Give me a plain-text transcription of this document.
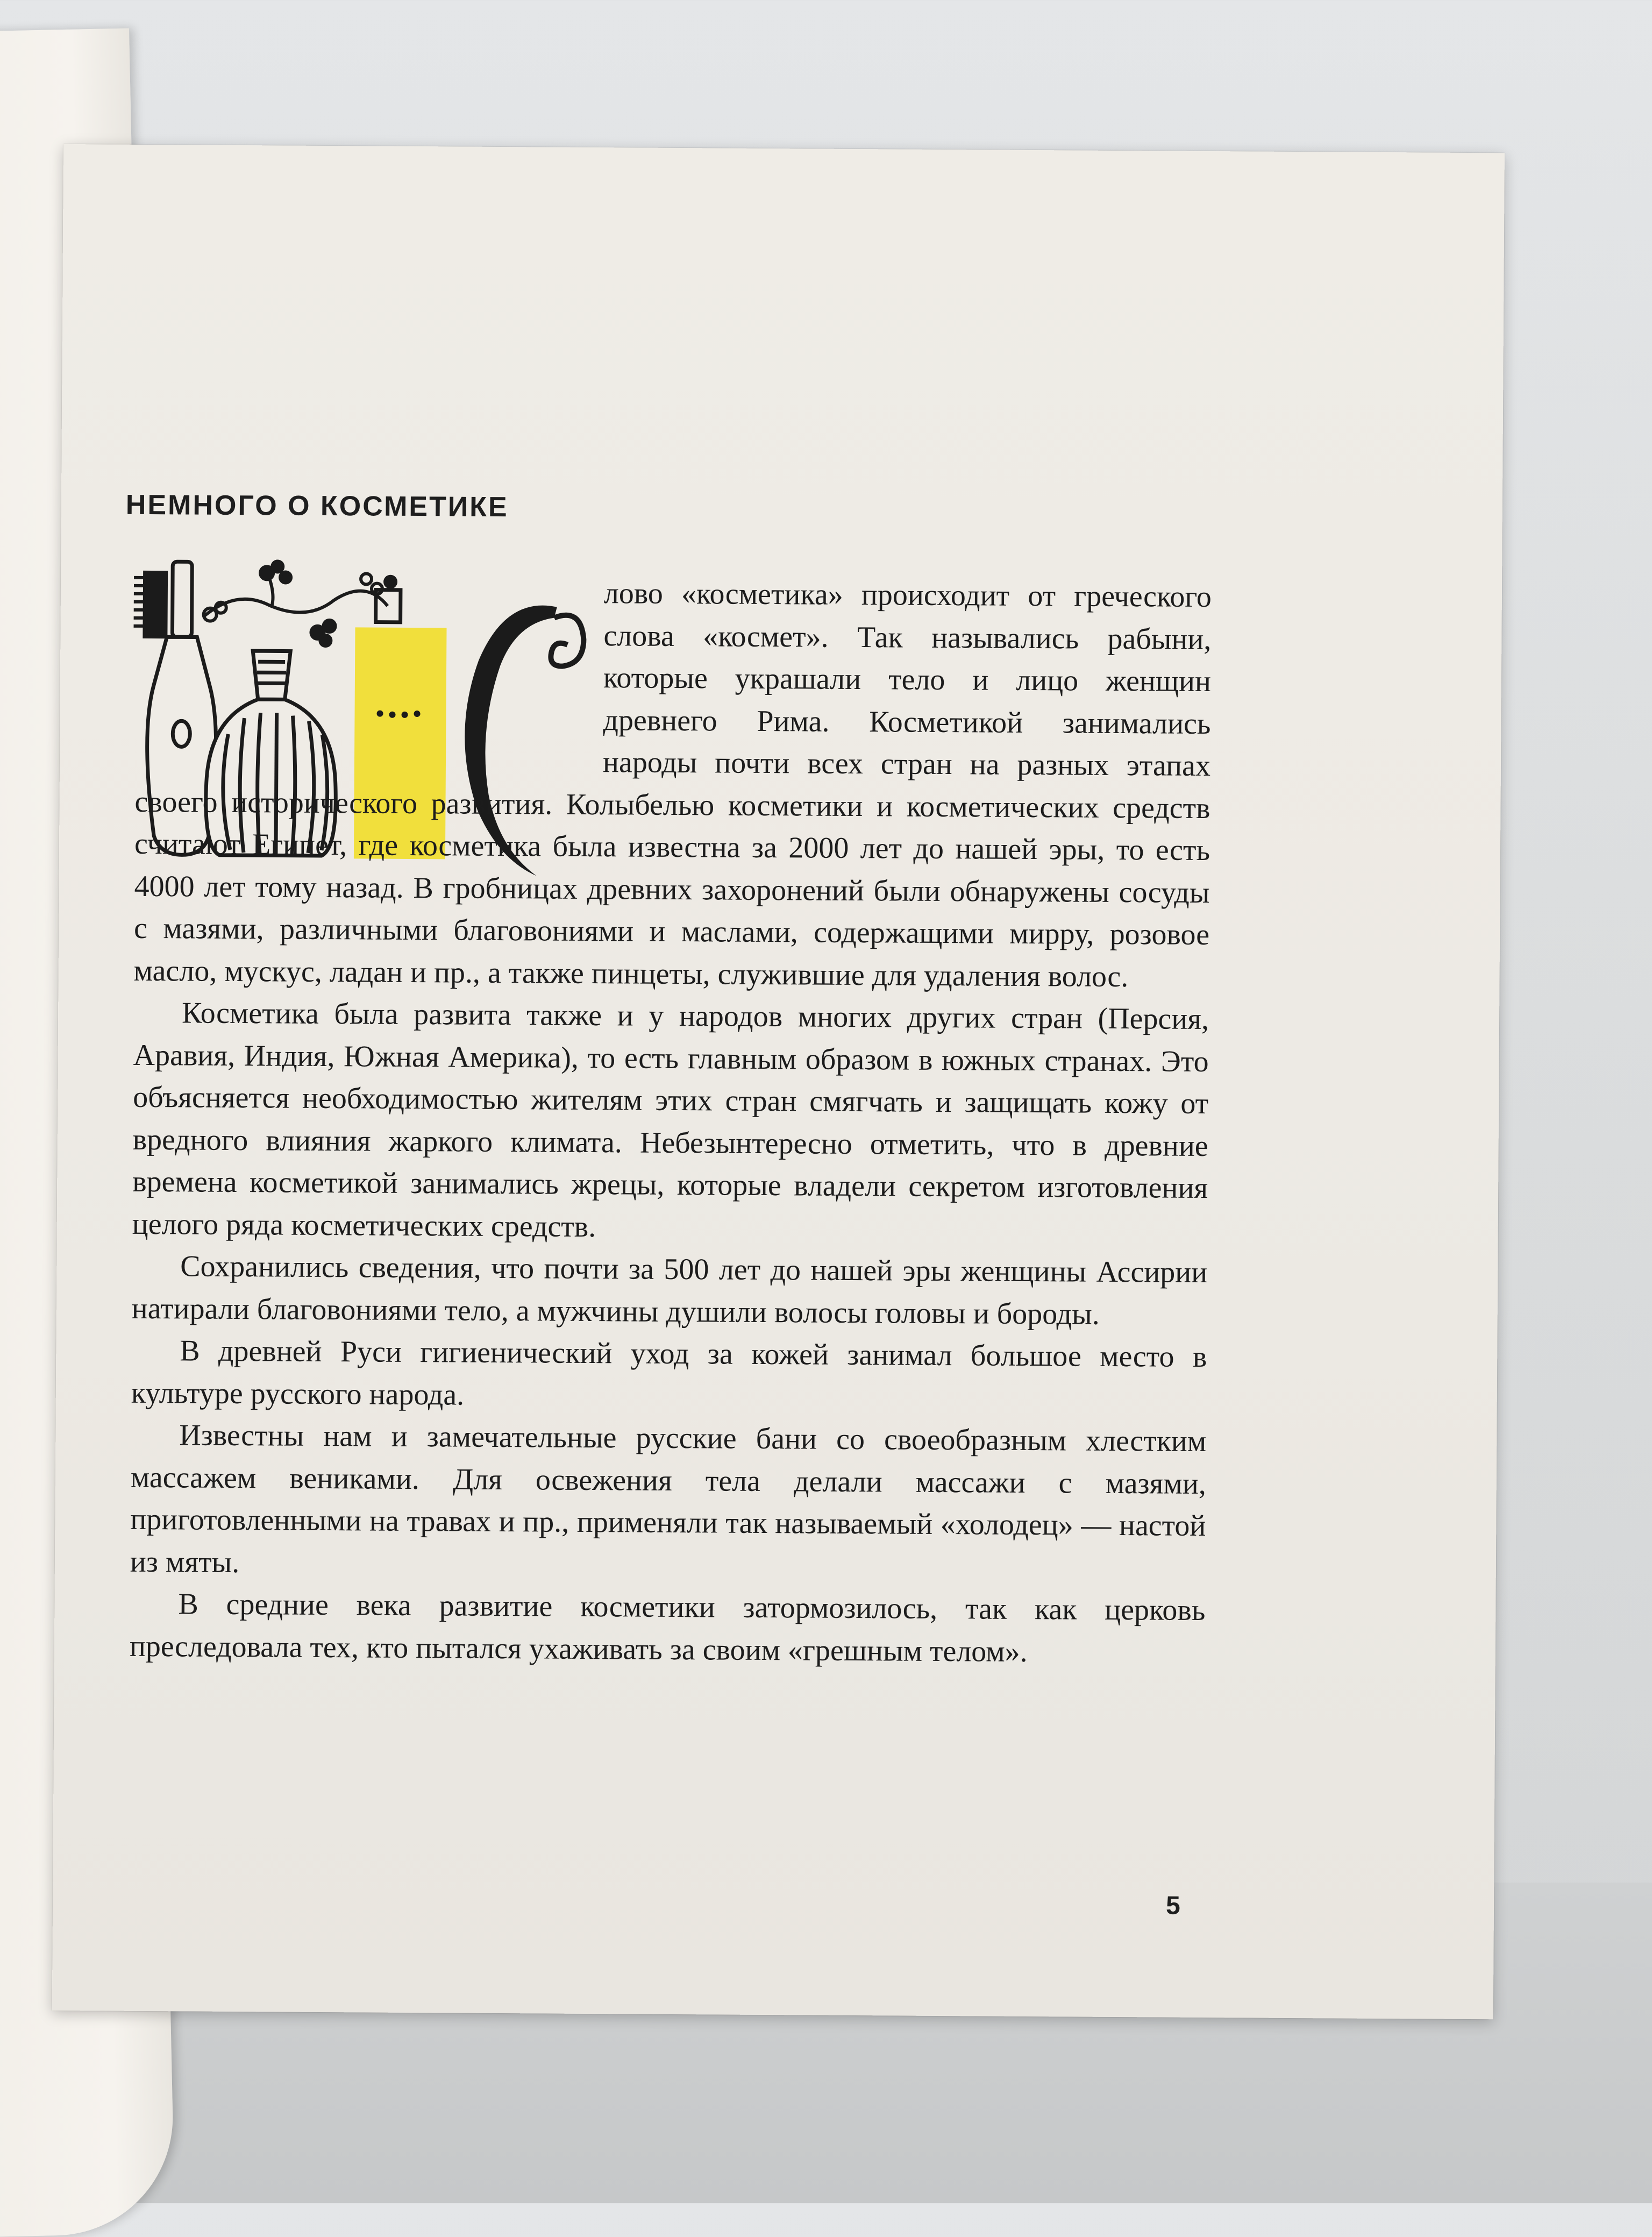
НЕМНОГО О КОСМЕТИКЕ

лово «косметика» происходит от греческого слова «космет». Так назывались рабыни, которые украшали тело и лицо женщин древнего Рима. Косметикой занимались народы почти всех стран на разных этапах своего исторического развития. Колыбелью косметики и косметических средств считают Египет, где косметика была известна за 2000 лет до нашей эры, то есть 4000 лет тому назад. В гробницах древних захоронений были обнаружены сосуды с мазями, различными благовониями и маслами, содержащими мирру, розовое масло, мускус, ладан и пр., а также пинцеты, служившие для удаления волос.

Косметика была развита также и у народов многих других стран (Персия, Аравия, Индия, Южная Америка), то есть главным образом в южных странах. Это объясняется необходимостью жителям этих стран смягчать и защищать кожу от вредного влияния жаркого климата. Небезынтересно отметить, что в древние времена косметикой занимались жрецы, которые владели секретом изготовления целого ряда косметических средств.

Сохранились сведения, что почти за 500 лет до нашей эры женщины Ассирии натирали благовониями тело, а мужчины душили волосы головы и бороды.

В древней Руси гигиенический уход за кожей занимал большое место в культуре русского народа.

Известны нам и замечательные русские бани со своеобразным хлестким массажем вениками. Для освежения тела делали массажи с мазями, приготовленными на травах и пр., применяли так называемый «холодец» — настой из мяты.

В средние века развитие косметики затормозилось, так как церковь преследовала тех, кто пытался ухаживать за своим «грешным телом».

5
